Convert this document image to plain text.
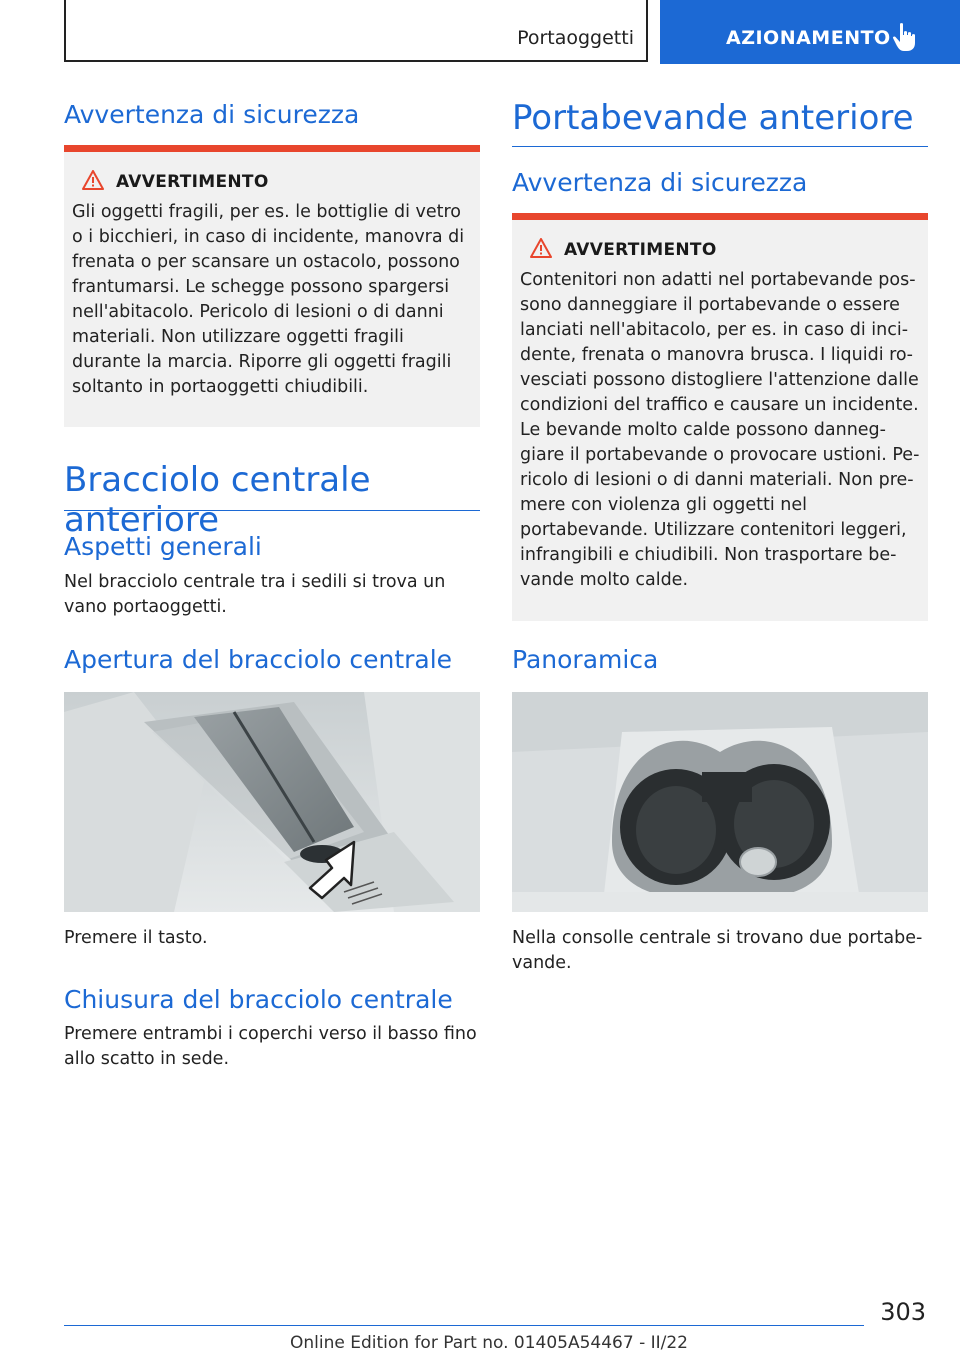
Portaoggetti	AZIONAMENTO
Avvertenza di sicurezza
AVVERTIMENTO
Gli oggetti fragili, per es. le bottiglie di vetro o i bicchieri, in caso di incidente, manovra di frenata o per scansare un ostacolo, possono frantumarsi. Le schegge possono spargersi nell'abitacolo. Pericolo di lesioni o di danni materiali. Non utilizzare oggetti fragili durante la marcia. Riporre gli oggetti fragili soltanto in portaoggetti chiudibili.
Bracciolo centrale anteriore
Aspetti generali
Nel bracciolo centrale tra i sedili si trova un vano portaoggetti.
Apertura del bracciolo centrale
Premere il tasto.
Chiusura del bracciolo centrale
Premere entrambi i coperchi verso il basso fino allo scatto in sede.
Portabevande anteriore
Avvertenza di sicurezza
AVVERTIMENTO
Contenitori non adatti nel portabevande possono danneggiare il portabevande o essere lanciati nell'abitacolo, per es. in caso di incidente, frenata o manovra brusca. I liquidi rovesciati possono distogliere l'attenzione dalle condizioni del traffico e causare un incidente. Le bevande molto calde possono danneggiare il portabevande o provocare ustioni. Pericolo di lesioni o di danni materiali. Non premere con violenza gli oggetti nel portabevande. Utilizzare contenitori leggeri, infrangibili e chiudibili. Non trasportare bevande molto calde.
Panoramica
Nella consolle centrale si trovano due portabevande.
303
Online Edition for Part no. 01405A54467 - II/22
